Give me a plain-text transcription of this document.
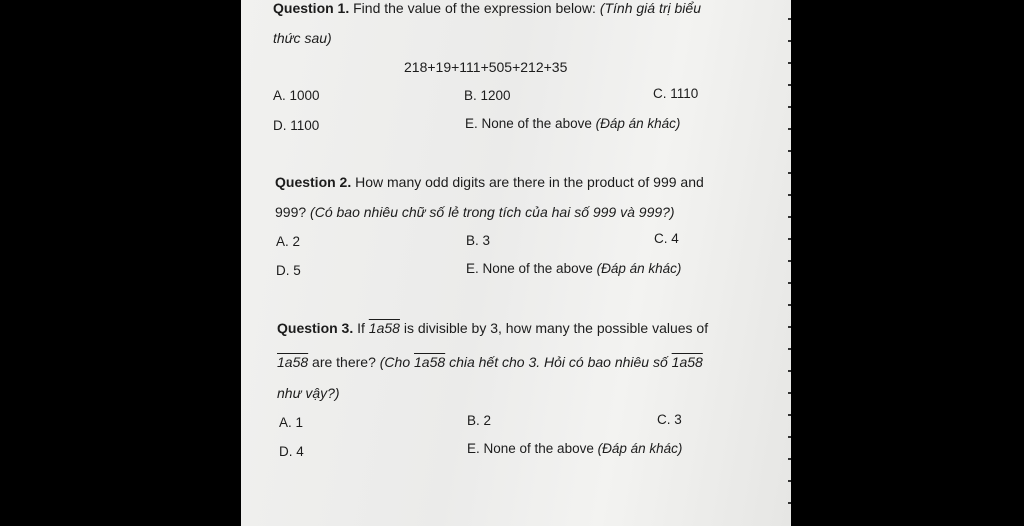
Question 1. Find the value of the expression below: (Tính giá trị biểu
thức sau)
218+19+111+505+212+35
A. 1000	B. 1200	C. 1110
D. 1100	E. None of the above (Đáp án khác)
Question 2. How many odd digits are there in the product of 999 and
999? (Có bao nhiêu chữ số lẻ trong tích của hai số 999 và 999?)
A. 2	B. 3	C. 4
D. 5	E. None of the above (Đáp án khác)
Question 3. If 1a58 is divisible by 3, how many the possible values of
1a58 are there? (Cho 1a58 chia hết cho 3. Hỏi có bao nhiêu số 1a58
như vậy?)
A. 1	B. 2	C. 3
D. 4	E. None of the above (Đáp án khác)
